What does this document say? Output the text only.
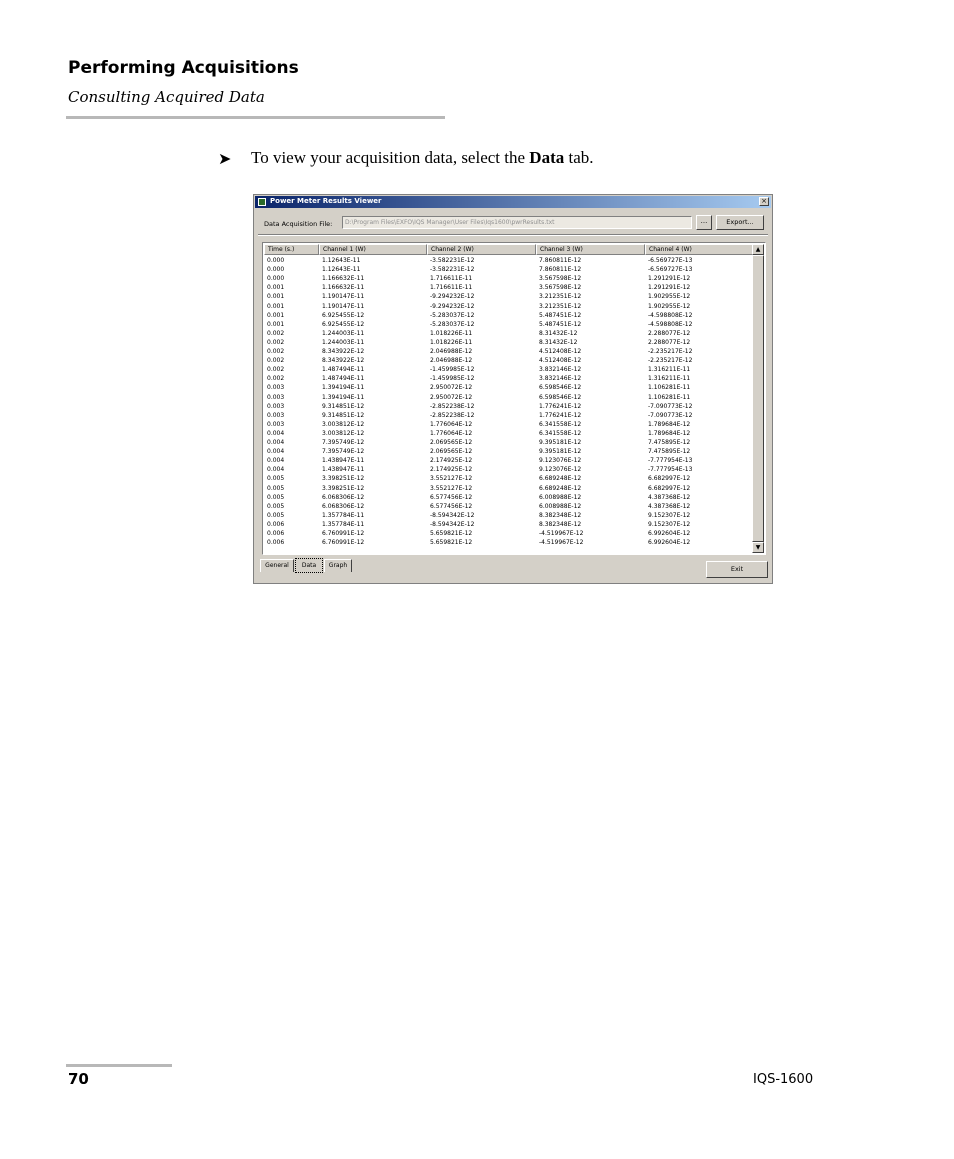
Performing Acquisitions
Consulting Acquired Data
➤ To view your acquisition data, select the Data tab.
Power Meter Results Viewer	×
Data Acquisition File:	D:\Program Files\EXFO\IQS Manager\User Files\Iqs1600\pwrResults.txt	...	Export...
Time (s.)	Channel 1 (W)	Channel 2 (W)	Channel 3 (W)	Channel 4 (W)	▲
▼
0.000	1.12643E-11	-3.582231E-12	7.860811E-12	-6.569727E-13
0.000	1.12643E-11	-3.582231E-12	7.860811E-12	-6.569727E-13
0.000	1.166632E-11	1.716611E-11	3.567598E-12	1.291291E-12
0.001	1.166632E-11	1.716611E-11	3.567598E-12	1.291291E-12
0.001	1.190147E-11	-9.294232E-12	3.212351E-12	1.902955E-12
0.001	1.190147E-11	-9.294232E-12	3.212351E-12	1.902955E-12
0.001	6.925455E-12	-5.283037E-12	5.487451E-12	-4.598808E-12
0.001	6.925455E-12	-5.283037E-12	5.487451E-12	-4.598808E-12
0.002	1.244003E-11	1.018226E-11	8.31432E-12	2.288077E-12
0.002	1.244003E-11	1.018226E-11	8.31432E-12	2.288077E-12
0.002	8.343922E-12	2.046988E-12	4.512408E-12	-2.235217E-12
0.002	8.343922E-12	2.046988E-12	4.512408E-12	-2.235217E-12
0.002	1.487494E-11	-1.459985E-12	3.832146E-12	1.316211E-11
0.002	1.487494E-11	-1.459985E-12	3.832146E-12	1.316211E-11
0.003	1.394194E-11	2.950072E-12	6.598546E-12	1.106281E-11
0.003	1.394194E-11	2.950072E-12	6.598546E-12	1.106281E-11
0.003	9.314851E-12	-2.852238E-12	1.776241E-12	-7.090773E-12
0.003	9.314851E-12	-2.852238E-12	1.776241E-12	-7.090773E-12
0.003	3.003812E-12	1.776064E-12	6.341558E-12	1.789684E-12
0.004	3.003812E-12	1.776064E-12	6.341558E-12	1.789684E-12
0.004	7.395749E-12	2.069565E-12	9.395181E-12	7.475895E-12
0.004	7.395749E-12	2.069565E-12	9.395181E-12	7.475895E-12
0.004	1.438947E-11	2.174925E-12	9.123076E-12	-7.777954E-13
0.004	1.438947E-11	2.174925E-12	9.123076E-12	-7.777954E-13
0.005	3.398251E-12	3.552127E-12	6.689248E-12	6.682997E-12
0.005	3.398251E-12	3.552127E-12	6.689248E-12	6.682997E-12
0.005	6.068306E-12	6.577456E-12	6.008988E-12	4.387368E-12
0.005	6.068306E-12	6.577456E-12	6.008988E-12	4.387368E-12
0.005	1.357784E-11	-8.594342E-12	8.382348E-12	9.152307E-12
0.006	1.357784E-11	-8.594342E-12	8.382348E-12	9.152307E-12
0.006	6.760991E-12	5.659821E-12	-4.519967E-12	6.992604E-12
0.006	6.760991E-12	5.659821E-12	-4.519967E-12	6.992604E-12
General	Data	Graph	Exit
70	IQS-1600
